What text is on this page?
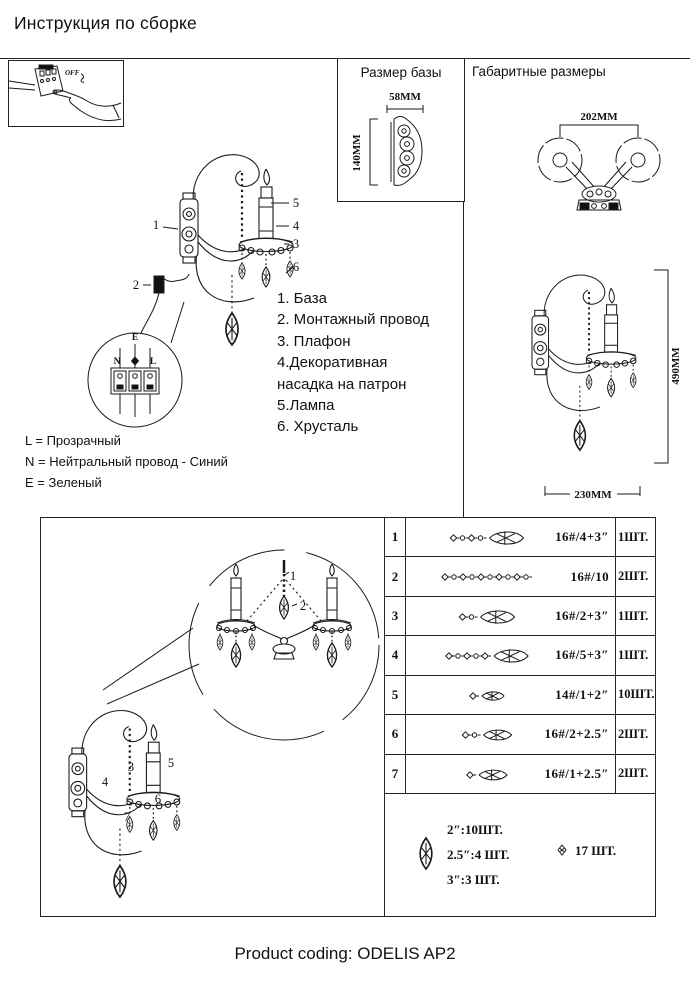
Инструкция по сборке
OFF
1
2
5
4
3
6
E
N	L
1. База
2. Монтажный провод
3. Плафон
4.Декоративная насадка на патрон
5.Лампа
6. Хрусталь
L = Прозрачный
N = Нейтральный провод - Синий
E = Зеленый
Размер базы
58MM
140MM
Габаритные размеры
202MM
490MM
230MM
1
2
3
4
5
6
7
1	16#/4+3″ 1ШТ.
2	16#/10 2ШТ.
3	16#/2+3″ 1ШТ.
4	16#/5+3″ 1ШТ.
5	14#/1+2″ 10ШТ.
6	16#/2+2.5″ 2ШТ.
7	16#/1+2.5″ 2ШТ.
2″:10ШТ.
2.5″:4 ШТ.
3″:3 ШТ.
17 ШТ.
Product coding: ODELIS AP2
